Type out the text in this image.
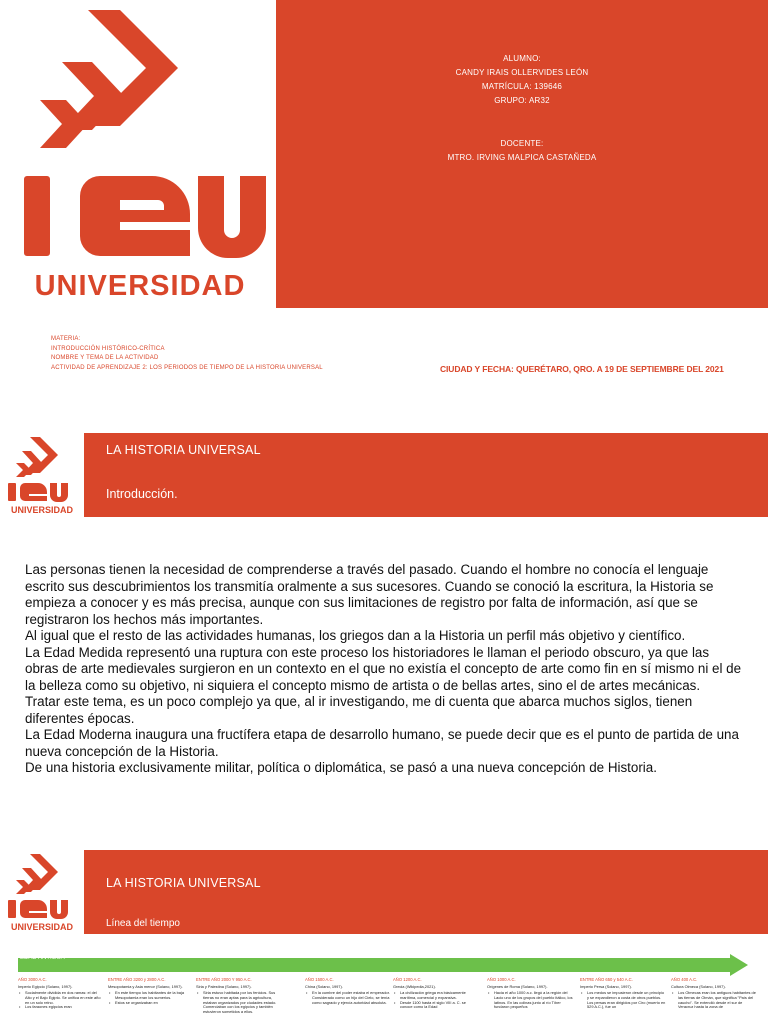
UNIVERSIDAD
ALUMNO:
CANDY IRAIS OLLERVIDES LEÓN
MATRÍCULA: 139646
GRUPO: AR32
DOCENTE:
MTRO. IRVING MALPICA CASTAÑEDA
MATERIA:
INTRODUCCIÓN HISTÓRICO-CRÍTICA
NOMBRE Y TEMA DE LA ACTIVIDAD
ACTIVIDAD DE APRENDIZAJE 2: LOS PERIODOS DE TIEMPO DE LA HISTORIA UNIVERSAL	CIUDAD Y FECHA: QUERÉTARO, QRO. A 19 DE SEPTIEMBRE DEL 2021
UNIVERSIDAD
LA HISTORIA UNIVERSAL
Introducción.

Las personas tienen la necesidad de comprenderse a través del pasado. Cuando el hombre no conocía el lenguaje escrito sus descubrimientos los transmitía oralmente a sus sucesores. Cuando se conoció la escritura, la Historia se empieza a conocer y es más precisa, aunque con sus limitaciones de registro por falta de información, así que se registraron los hechos más importantes.

Al igual que el resto de las actividades humanas, los griegos dan a la Historia un perfil más objetivo y científico.

La Edad Medida representó una ruptura con este proceso los historiadores le llaman el periodo obscuro, ya que las obras de arte medievales surgieron en un contexto en el que no existía el concepto de arte como fin en sí mismo ni el de la belleza como su objetivo, ni siquiera el concepto mismo de artista o de bellas artes, sino el de artes mecánicas.

Tratar este tema, es un poco complejo ya que, al ir investigando, me di cuenta que abarca muchos siglos, tienen diferentes épocas.

La Edad Moderna inaugura una fructífera etapa de desarrollo humano, se puede decir que es el punto de partida de una nueva concepción de la Historia.

De una historia exclusivamente militar, política o diplomática, se pasó a una nueva concepción de Historia.

UNIVERSIDAD
LA HISTORIA UNIVERSAL
Línea del tiempo
EDAD ANTIGUA
AÑO 3000 A.C.
Imperio Egipcio (Solano, 1997).
• Socialmente dividida en dos ramas: el del Alto y el Bajo Egipto. Se unifica en este año en un solo reino.
• Los faraones egipcios eran
ENTRE AÑO 3200 y 2800 A.C.
Mesopotamia y Asia menor (Solano, 1997).
• En este tiempo los habitantes de la baja Mesopotamia eran los sumerios.
• Estos se organizaban en
ENTRE AÑO 2000 Y 950 A.C.
Siria y Palestina (Solano, 1997).
• Siria estuvo habitada por los fenicios. Sus tierras no eran aptas para la agricultura, estaban organizados por ciudades estado. Comerciaban con los egipcios y también estuvieron sometidos a ellos.
AÑO 1500 A.C.
China (Solano, 1997).
• En la cumbre del poder estaba el emperador. Considerado como un hijo del Cielo, se tenía como sagrado y ejercía autoridad absoluta.
AÑO 1200 A.C.
Grecia (Wikipedia,2021).
• La civilización griega era básicamente marítima, comercial y expansiva.
• Desde 1100 hasta el siglo VIII a. C. se conoce como la Edad
AÑO 1000 A.C.
Orígenes de Roma (Solano, 1997).
• Hacia el año 1000 a.c. llegó a la región del Lacio uno de los grupos del pueblo itálico, los latinos. En las colinas junto al río Tíber fundaron pequeños
ENTRE AÑO 650 y 540 A.C.
Imperio Persa (Solano, 1997).
• Los medos se impusieron desde un principio y se expandieron a costa de otros pueblos. Los persas eran dirigidos por Ciro (muerto en 529 A.C.), fue un
AÑO 400 A.C.
Cultura Olmeca (Solano, 1997).
• Los Olmecas eran los antiguos habitantes de las tierras de Olmán, que significa "País del caucho". Se extendió desde el sur de Veracruz hasta la zona de
